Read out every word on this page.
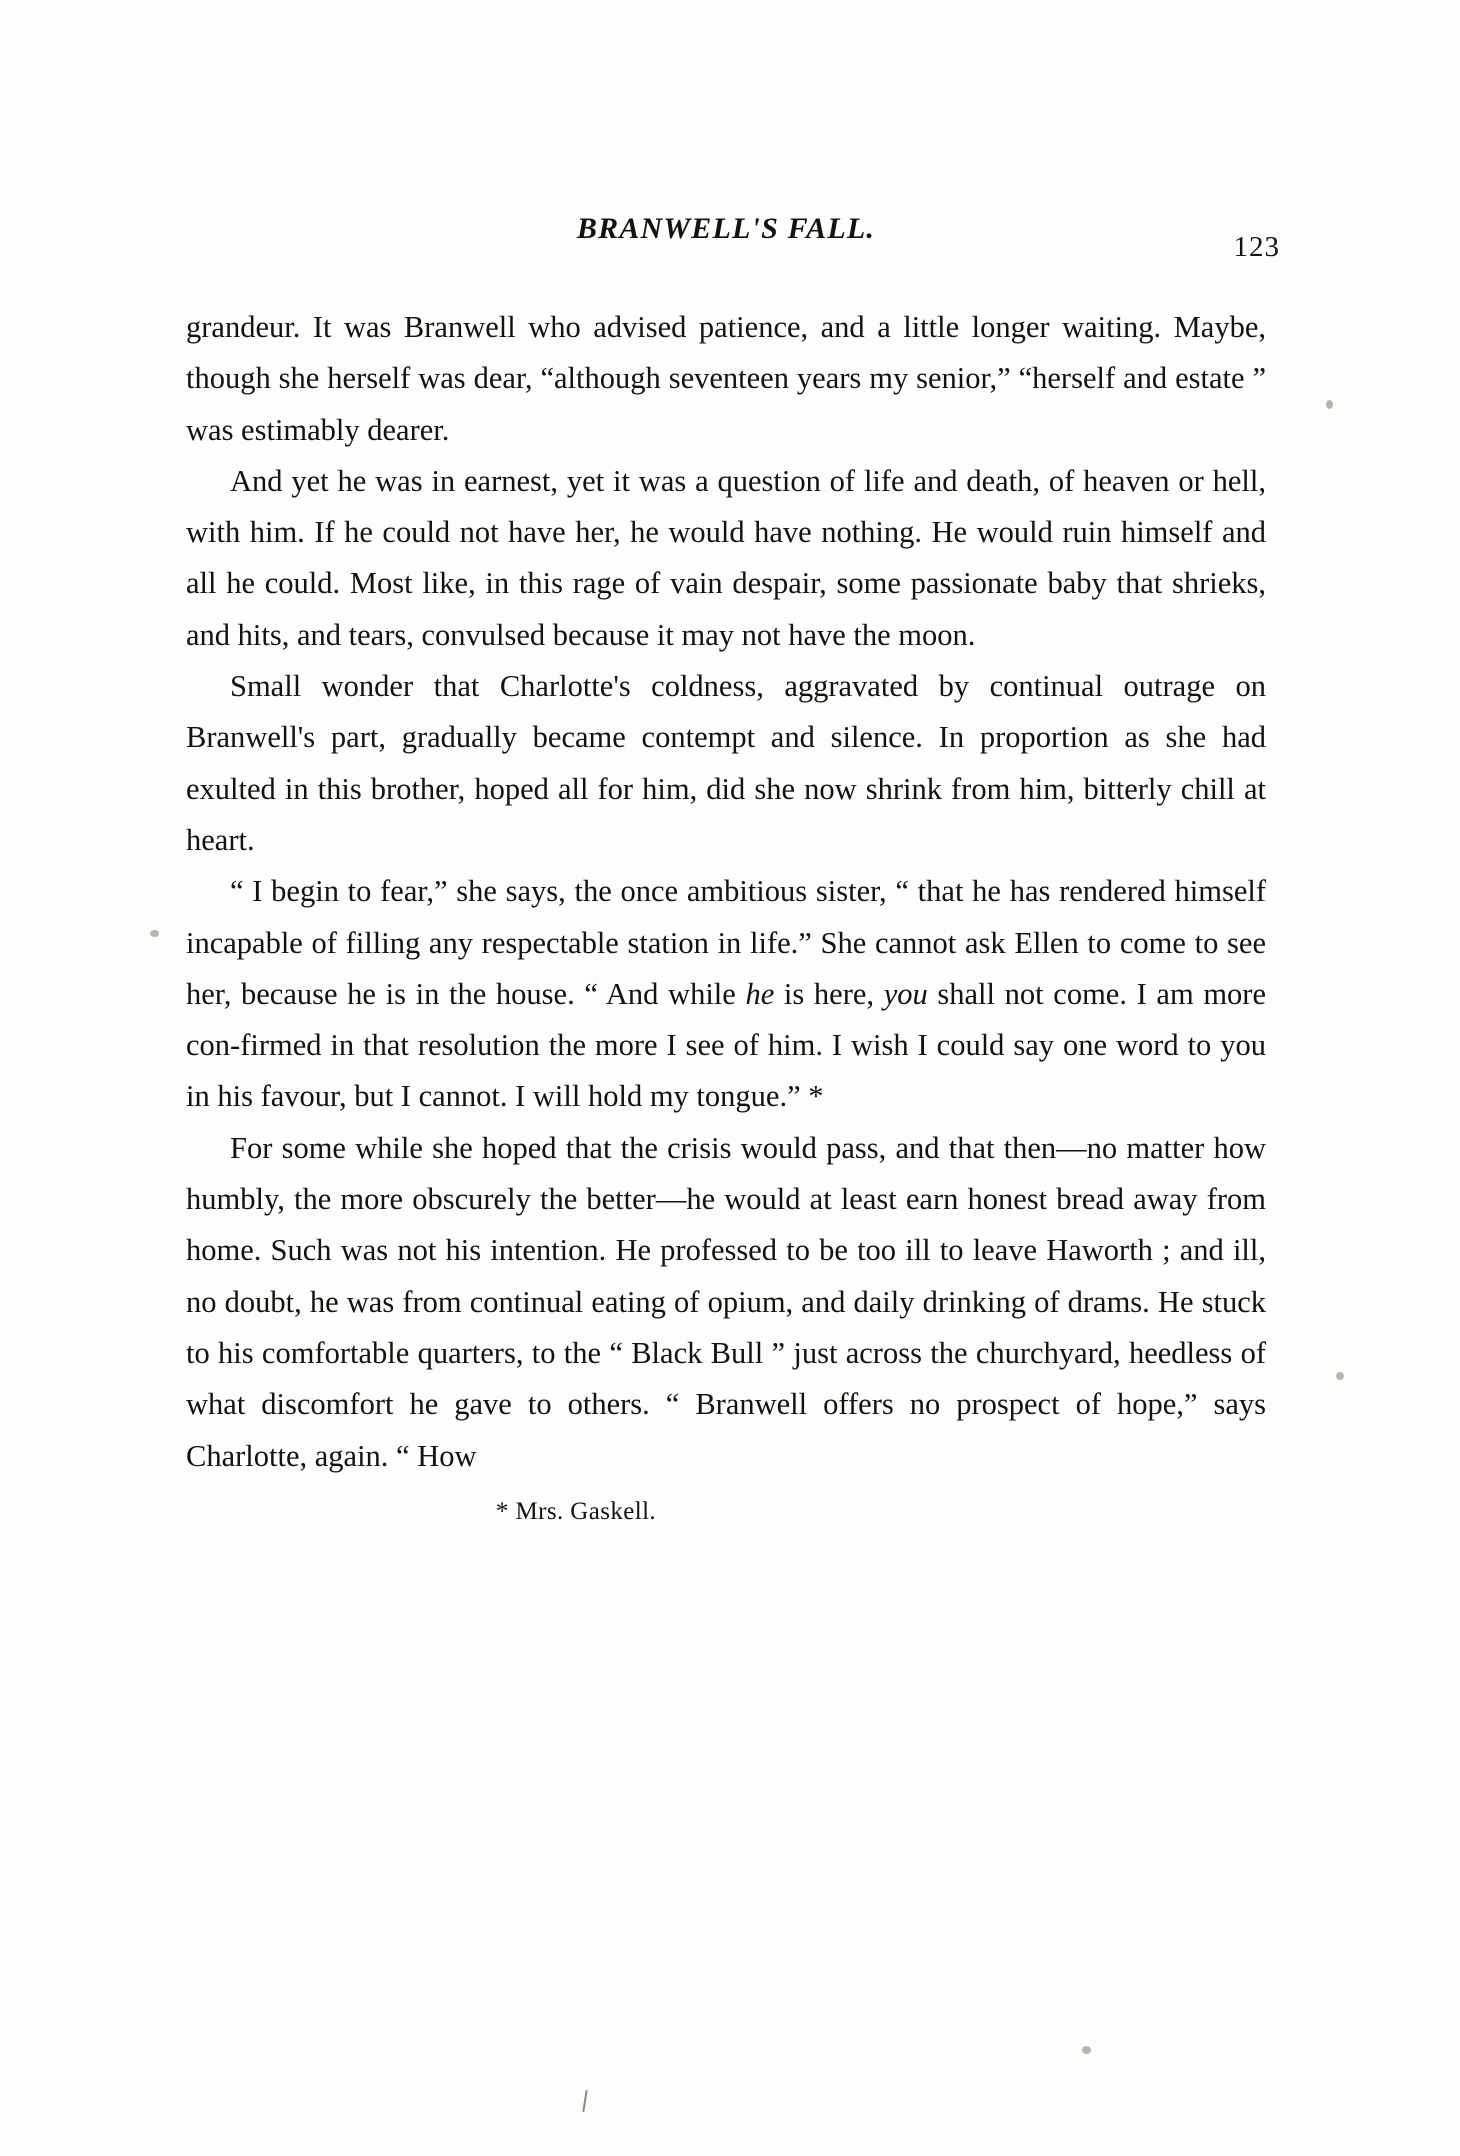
BRANWELL'S FALL.
123

grandeur. It was Branwell who advised patience, and a little longer waiting. Maybe, though she herself was dear, “although seventeen years my senior,” “herself and estate ” was estimably dearer.

And yet he was in earnest, yet it was a question of life and death, of heaven or hell, with him. If he could not have her, he would have nothing. He would ruin himself and all he could. Most like, in this rage of vain despair, some passionate baby that shrieks, and hits, and tears, convulsed because it may not have the moon.

Small wonder that Charlotte's coldness, aggravated by continual outrage on Branwell's part, gradually became contempt and silence. In proportion as she had exulted in this brother, hoped all for him, did she now shrink from him, bitterly chill at heart.

“ I begin to fear,” she says, the once ambitious sister, “ that he has rendered himself incapable of filling any respectable station in life.” She cannot ask Ellen to come to see her, because he is in the house. “ And while he is here, you shall not come. I am more con-firmed in that resolution the more I see of him. I wish I could say one word to you in his favour, but I cannot. I will hold my tongue.” *

For some while she hoped that the crisis would pass, and that then—no matter how humbly, the more obscurely the better—he would at least earn honest bread away from home. Such was not his intention. He professed to be too ill to leave Haworth ; and ill, no doubt, he was from continual eating of opium, and daily drinking of drams. He stuck to his comfortable quarters, to the “ Black Bull ” just across the churchyard, heedless of what discomfort he gave to others. “ Branwell offers no prospect of hope,” says Charlotte, again. “ How

* Mrs. Gaskell.
